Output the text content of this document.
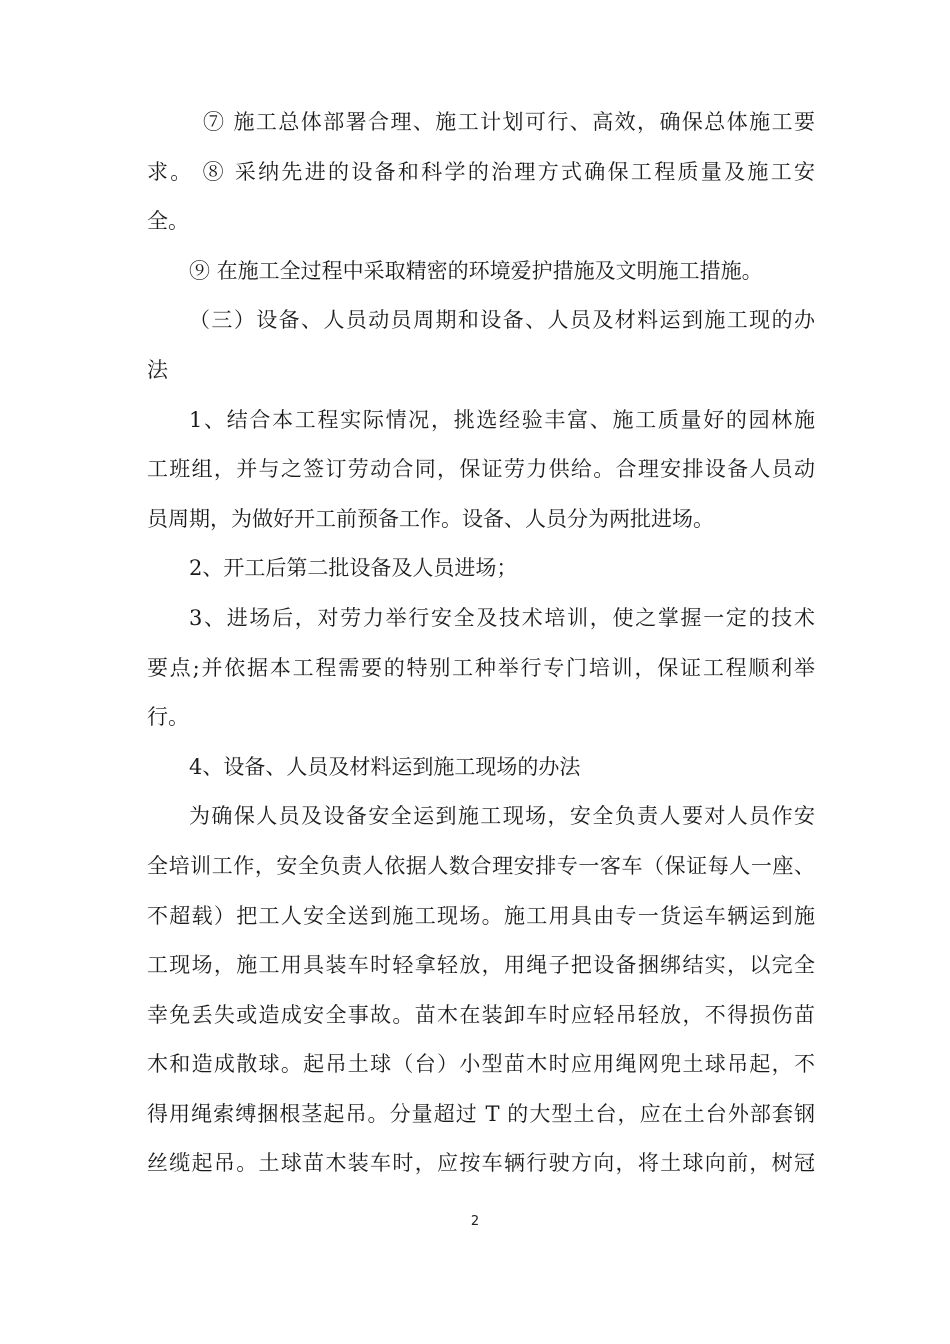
⑦ 施工总体部署合理、施工计划可行、高效，确保总体施工要
求。 ⑧ 采纳先进的设备和科学的治理方式确保工程质量及施工安
全。
⑨ 在施工全过程中采取精密的环境爱护措施及文明施工措施。
（三）设备、人员动员周期和设备、人员及材料运到施工现的办
法
1、结合本工程实际情况，挑选经验丰富、施工质量好的园林施
工班组，并与之签订劳动合同，保证劳力供给。合理安排设备人员动
员周期，为做好开工前预备工作。设备、人员分为两批进场。
2、开工后第二批设备及人员进场；
3、进场后，对劳力举行安全及技术培训，使之掌握一定的技术
要点;并依据本工程需要的特别工种举行专门培训，保证工程顺利举
行。
4、设备、人员及材料运到施工现场的办法
为确保人员及设备安全运到施工现场，安全负责人要对人员作安
全培训工作，安全负责人依据人数合理安排专一客车（保证每人一座、
不超载）把工人安全送到施工现场。施工用具由专一货运车辆运到施
工现场，施工用具装车时轻拿轻放，用绳子把设备捆绑结实，以完全
幸免丢失或造成安全事故。苗木在装卸车时应轻吊轻放，不得损伤苗
木和造成散球。起吊土球（台）小型苗木时应用绳网兜土球吊起，不
得用绳索缚捆根茎起吊。分量超过 T 的大型土台，应在土台外部套钢
丝缆起吊。土球苗木装车时，应按车辆行驶方向，将土球向前，树冠
2
